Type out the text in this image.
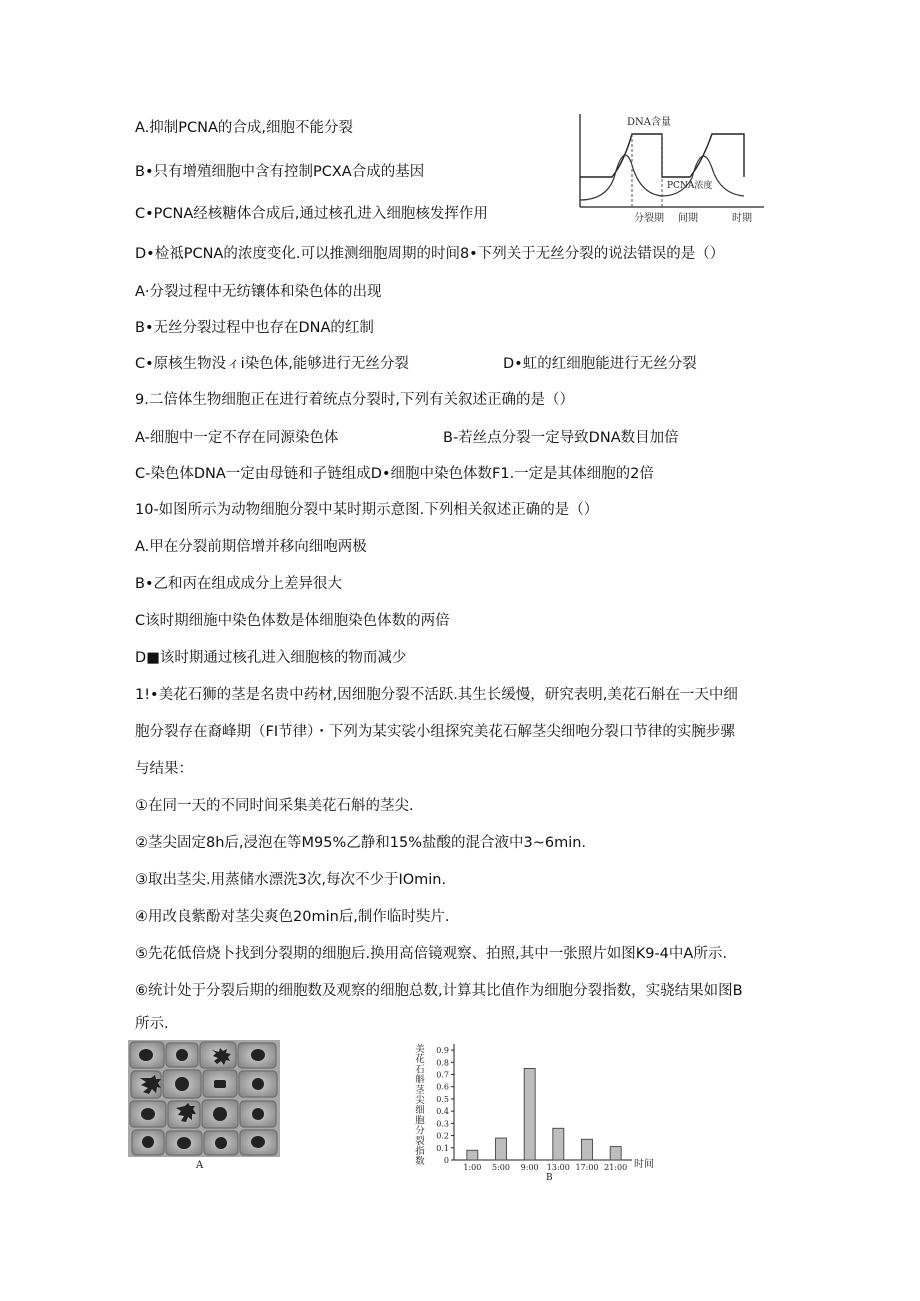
A.抑制PCNA的合成,细胞不能分裂
B•只有增殖细胞中含有控制PCXA合成的基因
C•PCNA经核糖体合成后,通过核孔进入细胞核发挥作用
D•检祗PCNA的浓度变化.可以推测细胞周期的时间8•下列关于无丝分裂的说法错误的是（）
A·分裂过程中无纺镶体和染色体的出现
B•无丝分裂过程中也存在DNA的红制
C•原核生物没ィi染色体,能够进行无丝分裂	D•虹的红细胞能进行无丝分裂
9.二倍体生物细胞正在进行着统点分裂时,下列有关叙述正确的是（）
A-细胞中一定不存在同源染色体	B-若丝点分裂一定导致DNA数目加倍
C-染色体DNA一定由母链和子链组成D•细胞中染色体数F1.一定是其体细胞的2倍
10-如图所示为动物细胞分裂中某时期示意图.下列相关叙述正确的是（）
A.甲在分裂前期倍增并移向细咆两极
B•乙和丙在组成成分上差异很大
C该时期细施中染色体数是体细胞染色体数的两倍
D■该时期通过核孔进入细胞核的物而减少
1!•美花石狮的茎是名贵中药材,因细胞分裂不活跃.其生长缓慢，研究表明,美花石斛在一天中细
胞分裂存在裔峰期（FI节律）・下列为某实裟小组探究美花石解茎尖细咆分裂口节律的实腕步骡
与结果：
①在同一天的不同时间采集美花石斛的茎尖.
②茎尖固定8h后,浸泡在等M95%乙静和15%盐酸的混合液中3~6min.
③取出茎尖.用蒸储水漂洗3次,每次不少于IOmin.
④用改良紫酚对茎尖爽色20min后,制作临时奘片.
⑤先花低倍烧卜找到分裂期的细胞后.换用高倍镜观察、拍照,其中一张照片如图K9-4中A所示.
⑥统计处于分裂后期的细胞数及观察的细胞总数,计算其比值作为细胞分裂指数，实骁结果如图B
所示.
DNA含量
PCNA浓度
分裂期 间期	时期
A
美
花
石
斛
茎
尖
细
胞
分
裂
指
数 0
0.1
0.2
0.3
0.4
0.5
0.6
0.7
0.8
0.9
1:00 5:00 9:00 13:00 17:00 21:00 时间
B
